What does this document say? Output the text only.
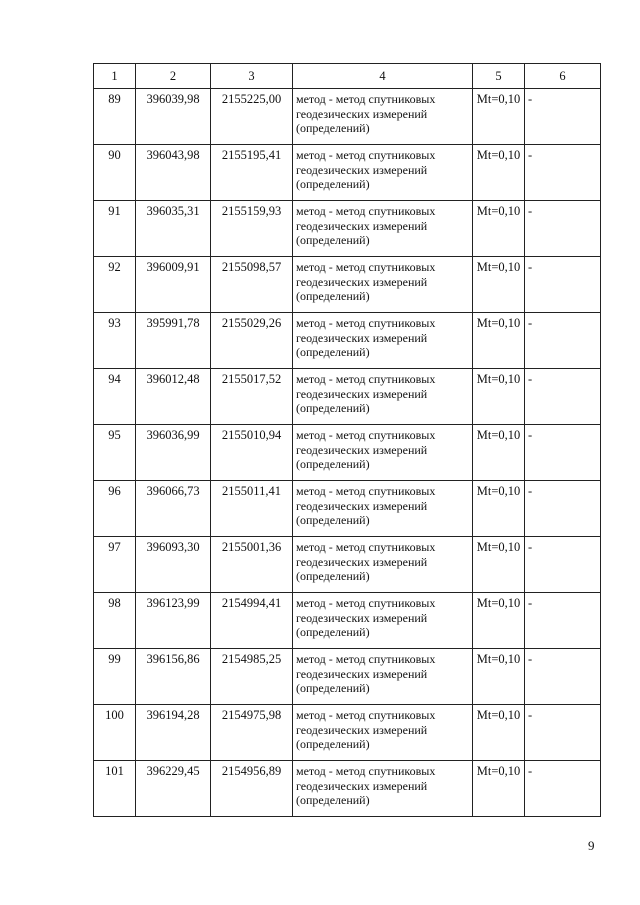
1	2	3	4	5	6
89	396039,98	2155225,00	метод - метод спутниковых геодезических измерений (определений)	Mt=0,10	-
90	396043,98	2155195,41	метод - метод спутниковых геодезических измерений (определений)	Mt=0,10	-
91	396035,31	2155159,93	метод - метод спутниковых геодезических измерений (определений)	Mt=0,10	-
92	396009,91	2155098,57	метод - метод спутниковых геодезических измерений (определений)	Mt=0,10	-
93	395991,78	2155029,26	метод - метод спутниковых геодезических измерений (определений)	Mt=0,10	-
94	396012,48	2155017,52	метод - метод спутниковых геодезических измерений (определений)	Mt=0,10	-
95	396036,99	2155010,94	метод - метод спутниковых геодезических измерений (определений)	Mt=0,10	-
96	396066,73	2155011,41	метод - метод спутниковых геодезических измерений (определений)	Mt=0,10	-
97	396093,30	2155001,36	метод - метод спутниковых геодезических измерений (определений)	Mt=0,10	-
98	396123,99	2154994,41	метод - метод спутниковых геодезических измерений (определений)	Mt=0,10	-
99	396156,86	2154985,25	метод - метод спутниковых геодезических измерений (определений)	Mt=0,10	-
100	396194,28	2154975,98	метод - метод спутниковых геодезических измерений (определений)	Mt=0,10	-
101	396229,45	2154956,89	метод - метод спутниковых геодезических измерений (определений)	Mt=0,10	-
9
